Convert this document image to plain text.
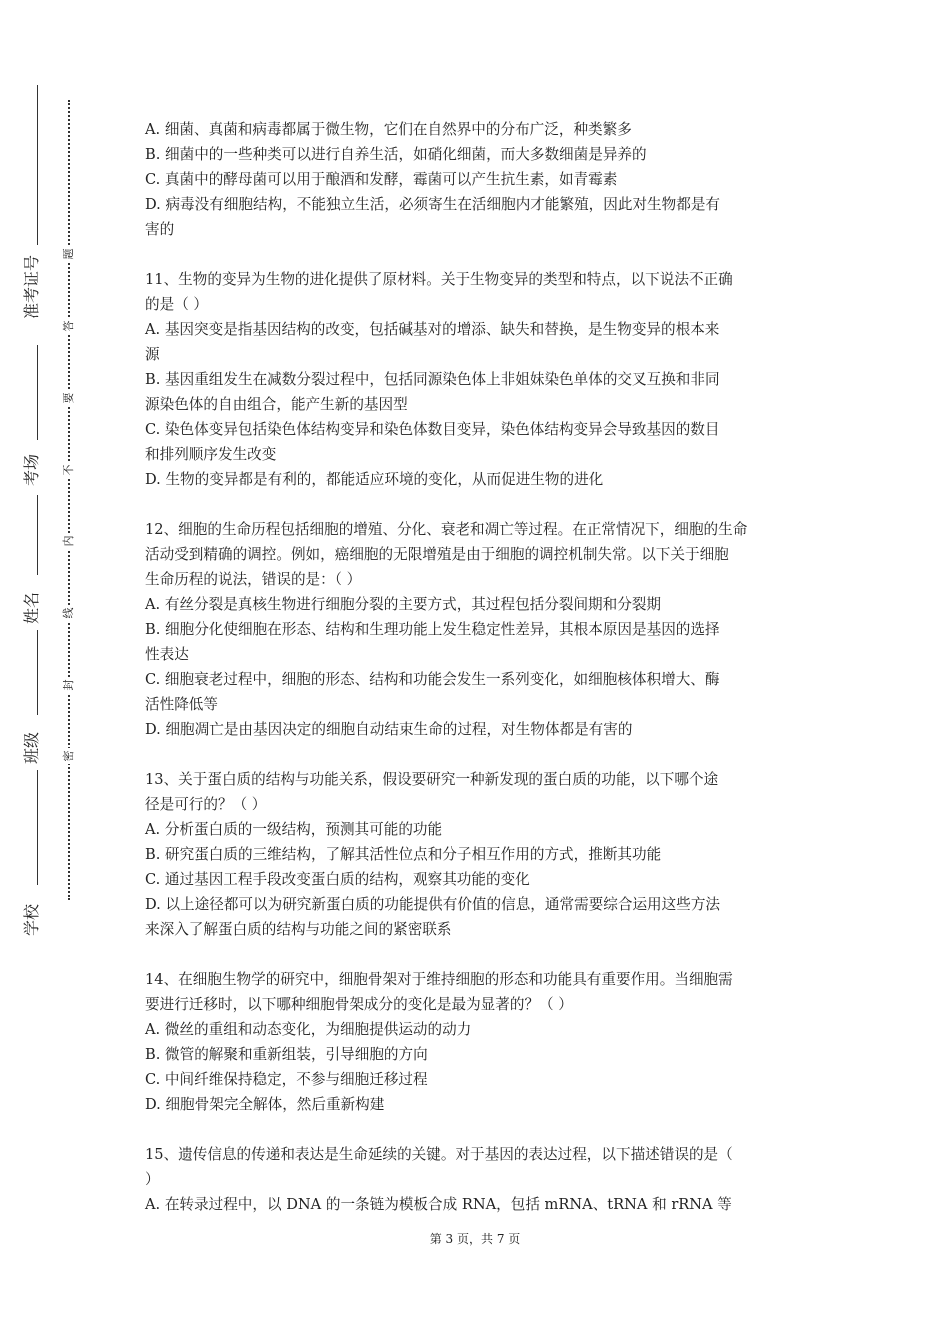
准考证号
考场
姓名
班级
学校
题
答
要
不
内
线
封
密
A. 细菌、真菌和病毒都属于微生物，它们在自然界中的分布广泛，种类繁多
B. 细菌中的一些种类可以进行自养生活，如硝化细菌，而大多数细菌是异养的
C. 真菌中的酵母菌可以用于酿酒和发酵，霉菌可以产生抗生素，如青霉素
D. 病毒没有细胞结构，不能独立生活，必须寄生在活细胞内才能繁殖，因此对生物都是有
害的
11、生物的变异为生物的进化提供了原材料。关于生物变异的类型和特点，以下说法不正确
的是（ ）
A. 基因突变是指基因结构的改变，包括碱基对的增添、缺失和替换，是生物变异的根本来
源
B. 基因重组发生在减数分裂过程中，包括同源染色体上非姐妹染色单体的交叉互换和非同
源染色体的自由组合，能产生新的基因型
C. 染色体变异包括染色体结构变异和染色体数目变异，染色体结构变异会导致基因的数目
和排列顺序发生改变
D. 生物的变异都是有利的，都能适应环境的变化，从而促进生物的进化
12、细胞的生命历程包括细胞的增殖、分化、衰老和凋亡等过程。在正常情况下，细胞的生命
活动受到精确的调控。例如，癌细胞的无限增殖是由于细胞的调控机制失常。以下关于细胞
生命历程的说法，错误的是：（ ）
A. 有丝分裂是真核生物进行细胞分裂的主要方式，其过程包括分裂间期和分裂期
B. 细胞分化使细胞在形态、结构和生理功能上发生稳定性差异，其根本原因是基因的选择
性表达
C. 细胞衰老过程中，细胞的形态、结构和功能会发生一系列变化，如细胞核体积增大、酶
活性降低等
D. 细胞凋亡是由基因决定的细胞自动结束生命的过程，对生物体都是有害的
13、关于蛋白质的结构与功能关系，假设要研究一种新发现的蛋白质的功能，以下哪个途
径是可行的？（ ）
A. 分析蛋白质的一级结构，预测其可能的功能
B. 研究蛋白质的三维结构，了解其活性位点和分子相互作用的方式，推断其功能
C. 通过基因工程手段改变蛋白质的结构，观察其功能的变化
D. 以上途径都可以为研究新蛋白质的功能提供有价值的信息，通常需要综合运用这些方法
来深入了解蛋白质的结构与功能之间的紧密联系
14、在细胞生物学的研究中，细胞骨架对于维持细胞的形态和功能具有重要作用。当细胞需
要进行迁移时，以下哪种细胞骨架成分的变化是最为显著的？（ ）
A. 微丝的重组和动态变化，为细胞提供运动的动力
B. 微管的解聚和重新组装，引导细胞的方向
C. 中间纤维保持稳定，不参与细胞迁移过程
D. 细胞骨架完全解体，然后重新构建
15、遗传信息的传递和表达是生命延续的关键。对于基因的表达过程，以下描述错误的是（
）
A. 在转录过程中，以 DNA 的一条链为模板合成 RNA，包括 mRNA、tRNA 和 rRNA 等
第 3 页，共 7 页
